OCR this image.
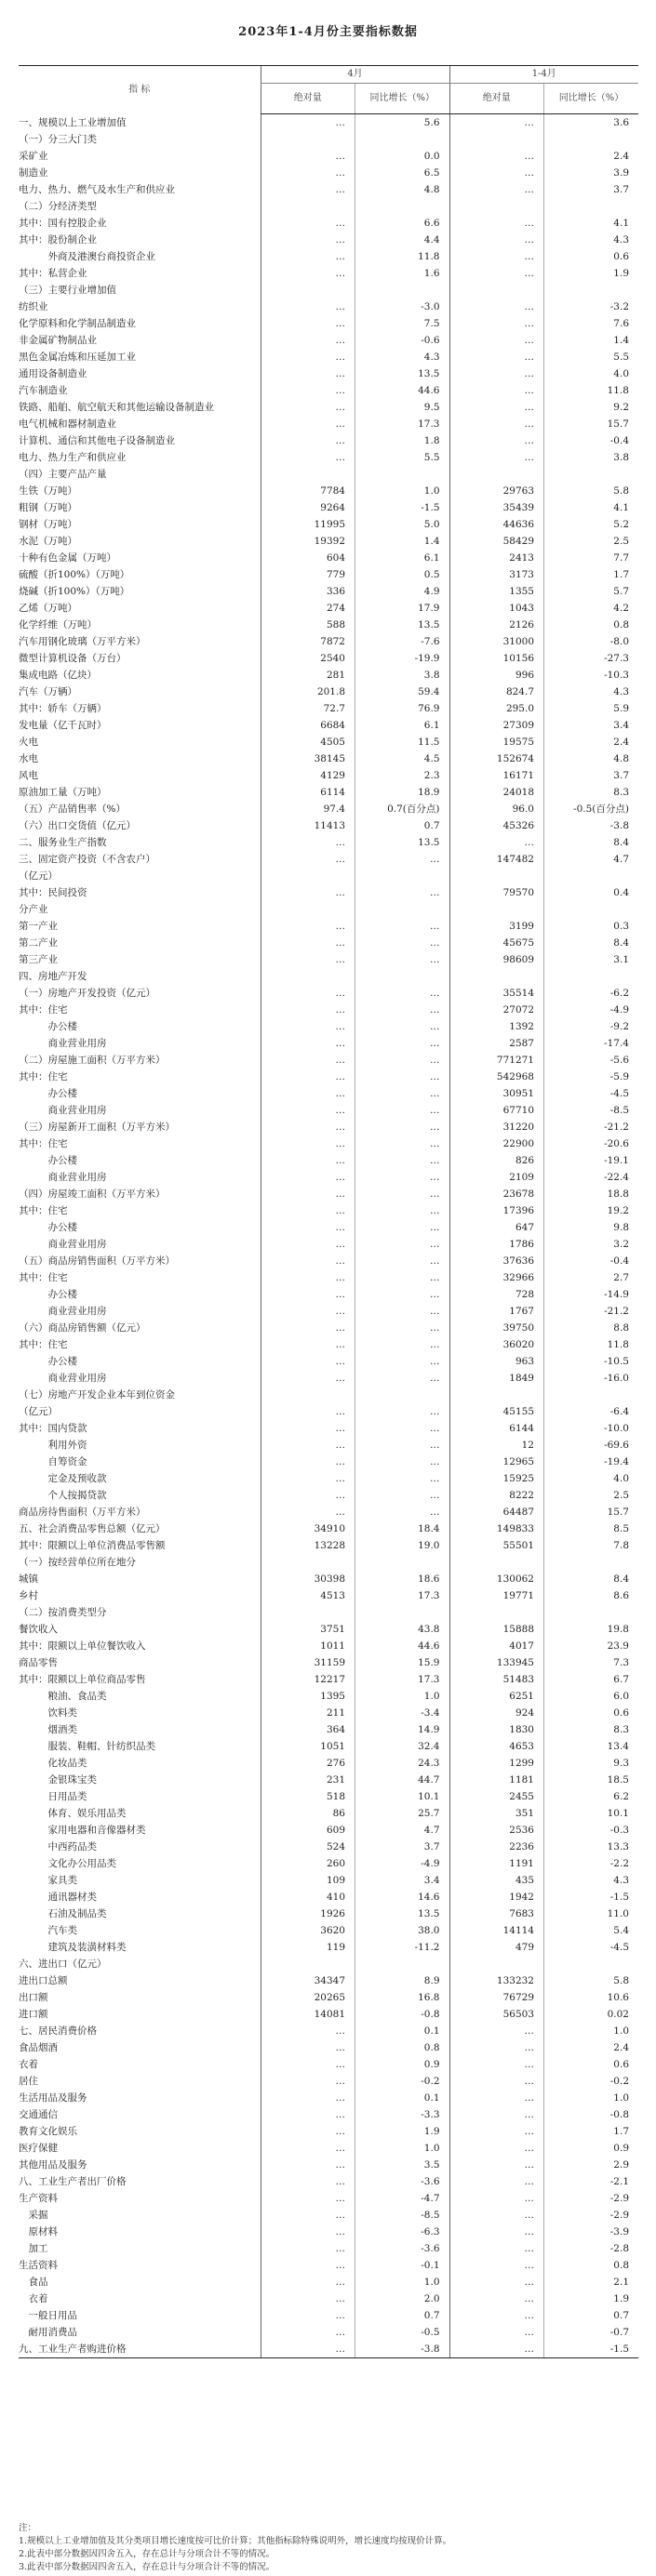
2023年1-4月份主要指标数据
指 标	4月		1-4月	
	绝对量	同比增长（%）	绝对量	同比增长（%）
一、规模以上工业增加值	…	5.6	…	3.6
（一）分三大门类				
采矿业	…	0.0	…	2.4
制造业	…	6.5	…	3.9
电力、热力、燃气及水生产和供应业	…	4.8	…	3.7
（二）分经济类型				
其中：国有控股企业	…	6.6	…	4.1
其中：股份制企业	…	4.4	…	4.3
　　　外商及港澳台商投资企业	…	11.8	…	0.6
其中：私营企业	…	1.6	…	1.9
（三）主要行业增加值				
纺织业	…	-3.0	…	-3.2
化学原料和化学制品制造业	…	7.5	…	7.6
非金属矿物制品业	…	-0.6	…	1.4
黑色金属冶炼和压延加工业	…	4.3	…	5.5
通用设备制造业	…	13.5	…	4.0
汽车制造业	…	44.6	…	11.8
铁路、船舶、航空航天和其他运输设备制造业	…	9.5	…	9.2
电气机械和器材制造业	…	17.3	…	15.7
计算机、通信和其他电子设备制造业	…	1.8	…	-0.4
电力、热力生产和供应业	…	5.5	…	3.8
（四）主要产品产量				
生铁（万吨）	7784	1.0	29763	5.8
粗钢（万吨）	9264	-1.5	35439	4.1
钢材（万吨）	11995	5.0	44636	5.2
水泥（万吨）	19392	1.4	58429	2.5
十种有色金属（万吨）	604	6.1	2413	7.7
硫酸（折100%）（万吨）	779	0.5	3173	1.7
烧碱（折100%）（万吨）	336	4.9	1355	5.7
乙烯（万吨）	274	17.9	1043	4.2
化学纤维（万吨）	588	13.5	2126	0.8
汽车用钢化玻璃（万平方米）	7872	-7.6	31000	-8.0
微型计算机设备（万台）	2540	-19.9	10156	-27.3
集成电路（亿块）	281	3.8	996	-10.3
汽车（万辆）	201.8	59.4	824.7	4.3
其中：轿车（万辆）	72.7	76.9	295.0	5.9
发电量（亿千瓦时）	6684	6.1	27309	3.4
火电	4505	11.5	19575	2.4
水电	38145	4.5	152674	4.8
风电	4129	2.3	16171	3.7
原油加工量（万吨）	6114	18.9	24018	8.3
（五）产品销售率（%）	97.4	0.7(百分点)	96.0	-0.5(百分点)
（六）出口交货值（亿元）	11413	0.7	45326	-3.8
二、服务业生产指数	…	13.5	…	8.4
三、固定资产投资（不含农户）	…	…	147482	4.7
（亿元）				
其中：民间投资	…	…	79570	0.4
分产业				
第一产业	…	…	3199	0.3
第二产业	…	…	45675	8.4
第三产业	…	…	98609	3.1
四、房地产开发				
（一）房地产开发投资（亿元）	…	…	35514	-6.2
其中：住宅	…	…	27072	-4.9
　　　办公楼	…	…	1392	-9.2
　　　商业营业用房	…	…	2587	-17.4
（二）房屋施工面积（万平方米）	…	…	771271	-5.6
其中：住宅	…	…	542968	-5.9
　　　办公楼	…	…	30951	-4.5
　　　商业营业用房	…	…	67710	-8.5
（三）房屋新开工面积（万平方米）	…	…	31220	-21.2
其中：住宅	…	…	22900	-20.6
　　　办公楼	…	…	826	-19.1
　　　商业营业用房	…	…	2109	-22.4
（四）房屋竣工面积（万平方米）	…	…	23678	18.8
其中：住宅	…	…	17396	19.2
　　　办公楼	…	…	647	9.8
　　　商业营业用房	…	…	1786	3.2
（五）商品房销售面积（万平方米）	…	…	37636	-0.4
其中：住宅	…	…	32966	2.7
　　　办公楼	…	…	728	-14.9
　　　商业营业用房	…	…	1767	-21.2
（六）商品房销售额（亿元）	…	…	39750	8.8
其中：住宅	…	…	36020	11.8
　　　办公楼	…	…	963	-10.5
　　　商业营业用房	…	…	1849	-16.0
（七）房地产开发企业本年到位资金				
（亿元）	…	…	45155	-6.4
其中：国内贷款	…	…	6144	-10.0
　　　利用外资	…	…	12	-69.6
　　　自筹资金	…	…	12965	-19.4
　　　定金及预收款	…	…	15925	4.0
　　　个人按揭贷款	…	…	8222	2.5
商品房待售面积（万平方米）	…	…	64487	15.7
五、社会消费品零售总额（亿元）	34910	18.4	149833	8.5
其中：限额以上单位消费品零售额	13228	19.0	55501	7.8
（一）按经营单位所在地分				
城镇	30398	18.6	130062	8.4
乡村	4513	17.3	19771	8.6
（二）按消费类型分				
餐饮收入	3751	43.8	15888	19.8
其中：限额以上单位餐饮收入	1011	44.6	4017	23.9
商品零售	31159	15.9	133945	7.3
其中：限额以上单位商品零售	12217	17.3	51483	6.7
　　　粮油、食品类	1395	1.0	6251	6.0
　　　饮料类	211	-3.4	924	0.6
　　　烟酒类	364	14.9	1830	8.3
　　　服装、鞋帽、针纺织品类	1051	32.4	4653	13.4
　　　化妆品类	276	24.3	1299	9.3
　　　金银珠宝类	231	44.7	1181	18.5
　　　日用品类	518	10.1	2455	6.2
　　　体育、娱乐用品类	86	25.7	351	10.1
　　　家用电器和音像器材类	609	4.7	2536	-0.3
　　　中西药品类	524	3.7	2236	13.3
　　　文化办公用品类	260	-4.9	1191	-2.2
　　　家具类	109	3.4	435	4.3
　　　通讯器材类	410	14.6	1942	-1.5
　　　石油及制品类	1926	13.5	7683	11.0
　　　汽车类	3620	38.0	14114	5.4
　　　建筑及装潢材料类	119	-11.2	479	-4.5
六、进出口（亿元）				
进出口总额	34347	8.9	133232	5.8
出口额	20265	16.8	76729	10.6
进口额	14081	-0.8	56503	0.02
七、居民消费价格	…	0.1	…	1.0
食品烟酒	…	0.8	…	2.4
衣着	…	0.9	…	0.6
居住	…	-0.2	…	-0.2
生活用品及服务	…	0.1	…	1.0
交通通信	…	-3.3	…	-0.8
教育文化娱乐	…	1.9	…	1.7
医疗保健	…	1.0	…	0.9
其他用品及服务	…	3.5	…	2.9
八、工业生产者出厂价格	…	-3.6	…	-2.1
生产资料	…	-4.7	…	-2.9
　采掘	…	-8.5	…	-2.9
　原材料	…	-6.3	…	-3.9
　加工	…	-3.6	…	-2.8
生活资料	…	-0.1	…	0.8
　食品	…	1.0	…	2.1
　衣着	…	2.0	…	1.9
　一般日用品	…	0.7	…	0.7
　耐用消费品	…	-0.5	…	-0.7
九、工业生产者购进价格	…	-3.8	…	-1.5
注：
1.规模以上工业增加值及其分类项目增长速度按可比价计算；其他指标除特殊说明外，增长速度均按现价计算。
2.此表中部分数据因四舍五入，存在总计与分项合计不等的情况。
3.此表中部分数据因四舍五入，存在总计与分项合计不等的情况。
